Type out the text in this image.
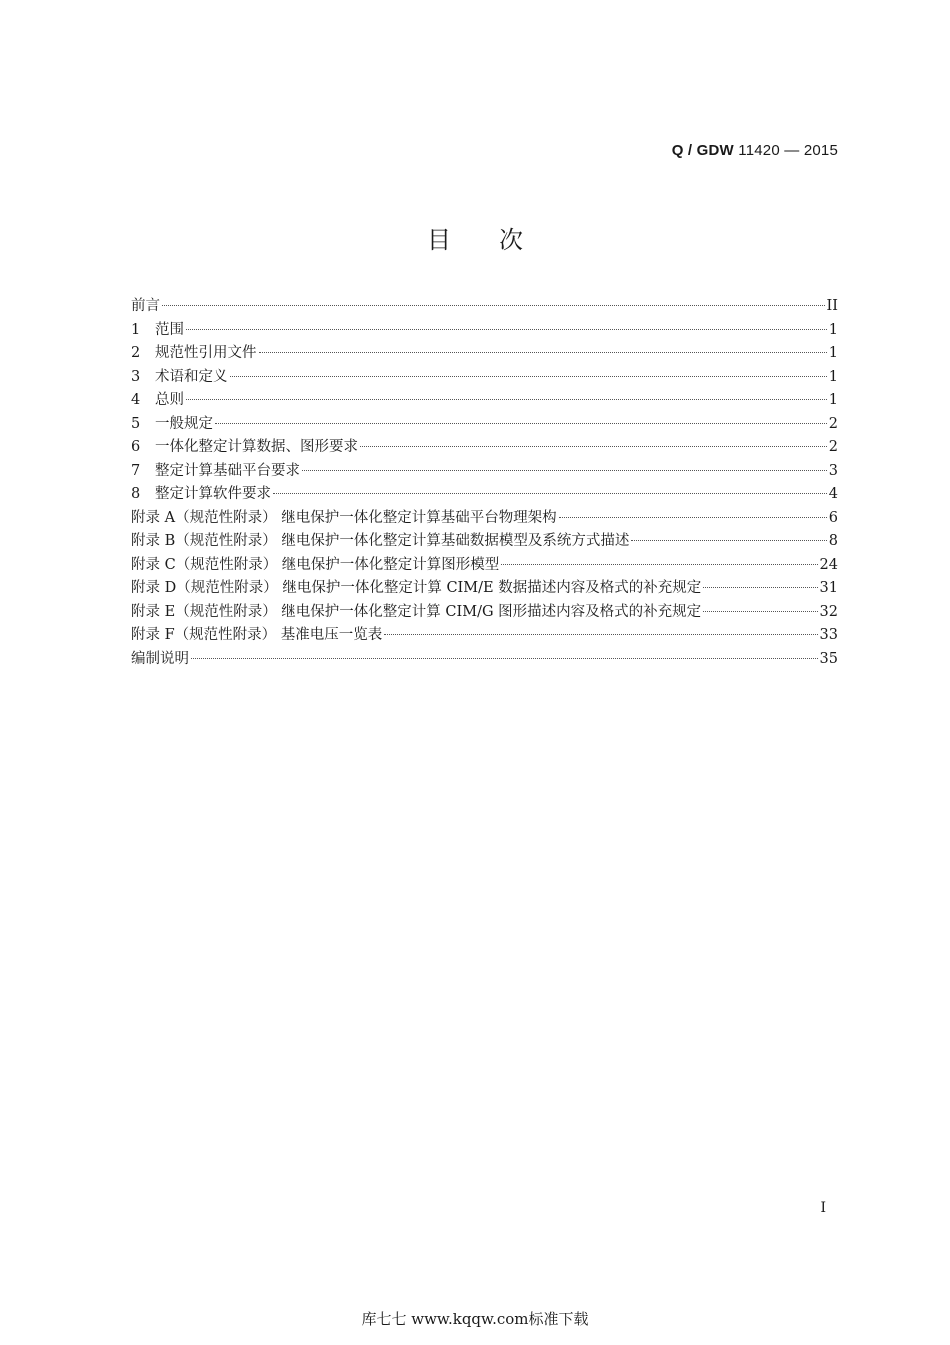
Q / GDW 11420 — 2015
目 次
前言	II
1	范围	1
2	规范性引用文件	1
3	术语和定义	1
4	总则	1
5	一般规定	2
6	一体化整定计算数据、图形要求	2
7	整定计算基础平台要求	3
8	整定计算软件要求	4
附录 A（规范性附录） 继电保护一体化整定计算基础平台物理架构	6
附录 B（规范性附录） 继电保护一体化整定计算基础数据模型及系统方式描述	8
附录 C（规范性附录） 继电保护一体化整定计算图形模型	24
附录 D（规范性附录） 继电保护一体化整定计算 CIM/E 数据描述内容及格式的补充规定	31
附录 E（规范性附录） 继电保护一体化整定计算 CIM/G 图形描述内容及格式的补充规定	32
附录 F（规范性附录） 基准电压一览表	33
编制说明	35
I
库七七 www.kqqw.com标准下载
